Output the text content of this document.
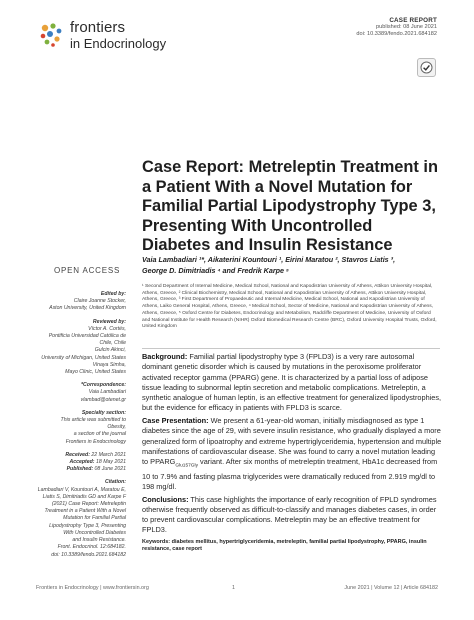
frontiers
in Endocrinology
CASE REPORT
published: 08 June 2021
doi: 10.3389/fendo.2021.684182
Case Report: Metreleptin Treatment in a Patient With a Novel Mutation for Familial Partial Lipodystrophy Type 3, Presenting With Uncontrolled Diabetes and Insulin Resistance
Vaia Lambadiari ¹*, Aikaterini Kountouri ¹, Eirini Maratou ², Stavros Liatis ³,
George D. Dimitriadis ⁴ and Fredrik Karpe ⁵
¹ Second Department of Internal Medicine, Medical School, National and Kapodistrian University of Athens, Attikon University Hospital, Athens, Greece, ² Clinical Biochemistry, Medical School, National and Kapodistrian University of Athens, Attikon University Hospital, Athens, Greece, ³ First Department of Propaedeutic and Internal Medicine, Medical School, National and Kapodistrian University of Athens, Laiko General Hospital, Athens, Greece, ⁴ Medical School, Sector of Medicine, National and Kapodistrian University of Athens, Athens, Greece, ⁵ Oxford Centre for Diabetes, Endocrinology and Metabolism, Radcliffe Department of Medicine, University of Oxford and National Institute for Health Research (NIHR) Oxford Biomedical Research Centre (BRC), Oxford University Hospital Trusts, Oxford, United Kingdom

Background: Familial partial lipodystrophy type 3 (FPLD3) is a very rare autosomal dominant genetic disorder which is caused by mutations in the peroxisome proliferator activated receptor gamma (PPARG) gene. It is characterized by a partial loss of adipose tissue leading to subnormal leptin secretion and metabolic complications. Metreleptin, a synthetic analogue of human leptin, is an effective treatment for generalized lipodystrophies, but the evidence for efficacy in patients with FPLD3 is scarce.

Case Presentation: We present a 61-year-old woman, initially misdiagnosed as type 1 diabetes since the age of 29, with severe insulin resistance, who gradually displayed a more generalized form of lipoatrophy and extreme hypertriglyceridemia, hypertension and multiple manifestations of cardiovascular disease. She was found to carry a novel mutation leading to $PPARG_{Glu157Gly}$ variant. After six months of metreleptin treatment, HbA1c decreased from 10 to 7.9% and fasting plasma triglycerides were dramatically reduced from 2.919 mg/dl to 198 mg/dl.

Conclusions: This case highlights the importance of early recognition of FPLD syndromes otherwise frequently observed as difficult-to-classify and manages diabetes cases, in order to prevent cardiovascular complications. Metreleptin may be an effective treatment for FPLD3.

Keywords: diabetes mellitus, hypertriglyceridemia, metreleptin, familial partial lipodystrophy, PPARG, insulin resistance, case report
OPEN ACCESS
Edited by:
Claire Joanne Stocker,
Aston University, United Kingdom
Reviewed by:
Víctor A. Cortés,
Pontificia Universidad Católica de
Chile, Chile
Gulcin Akinci,
University of Michigan, United States
Vinaya Simha,
Mayo Clinic, United States
*Correspondence:
Vaia Lambadiari
vlambad@otenet.gr
Specialty section:
This article was submitted to
Obesity,
a section of the journal
Frontiers in Endocrinology
Received: 22 March 2021
Accepted: 18 May 2021
Published: 08 June 2021
Citation:
Lambadiari V, Kountouri A, Maratou E,
Liatis S, Dimitriadis GD and Karpe F
(2021) Case Report: Metreleptin
Treatment in a Patient With a Novel
Mutation for Familial Partial
Lipodystrophy Type 3, Presenting
With Uncontrolled Diabetes
and Insulin Resistance.
Front. Endocrinol. 12:684182.
doi: 10.3389/fendo.2021.684182
Frontiers in Endocrinology | www.frontiersin.org	1	June 2021 | Volume 12 | Article 684182
